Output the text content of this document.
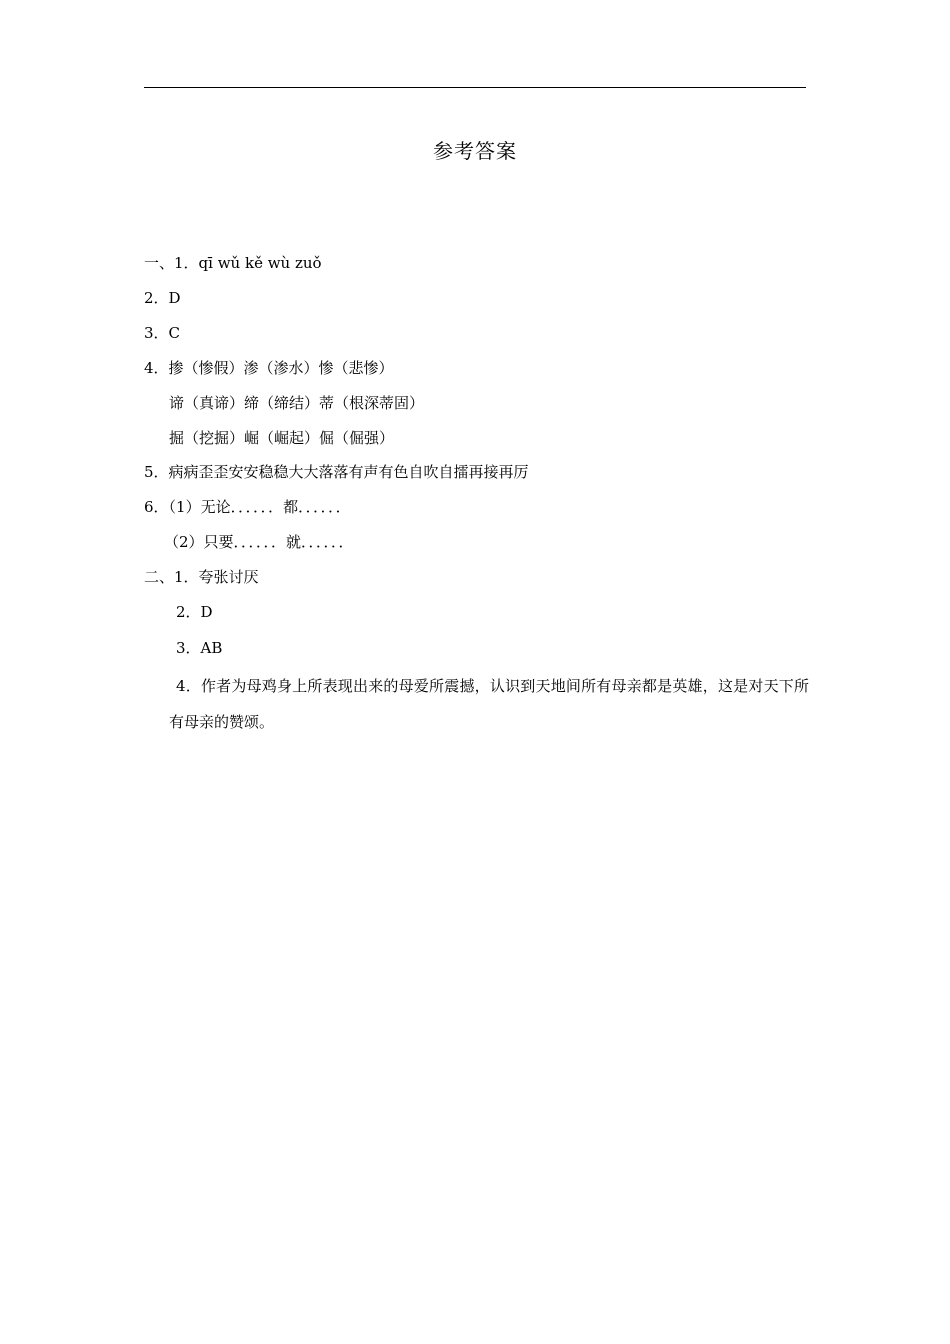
参考答案
一、1．qī wǔ kě wù zuǒ
2．D
3．C
4．掺（惨假）渗（渗水）惨（悲惨）
谛（真谛）缔（缔结）蒂（根深蒂固）
掘（挖掘）崛（崛起）倔（倔强）
5．病病歪歪安安稳稳大大落落有声有色自吹自擂再接再厉
6．（1）无论．．．．．．都．．．．．．
（2）只要．．．．．．就．．．．．．
二、1．夸张讨厌
2．D
3．AB
4．作者为母鸡身上所表现出来的母爱所震撼，认识到天地间所有母亲都是英雄，这是对天下所有母亲的赞颂。
